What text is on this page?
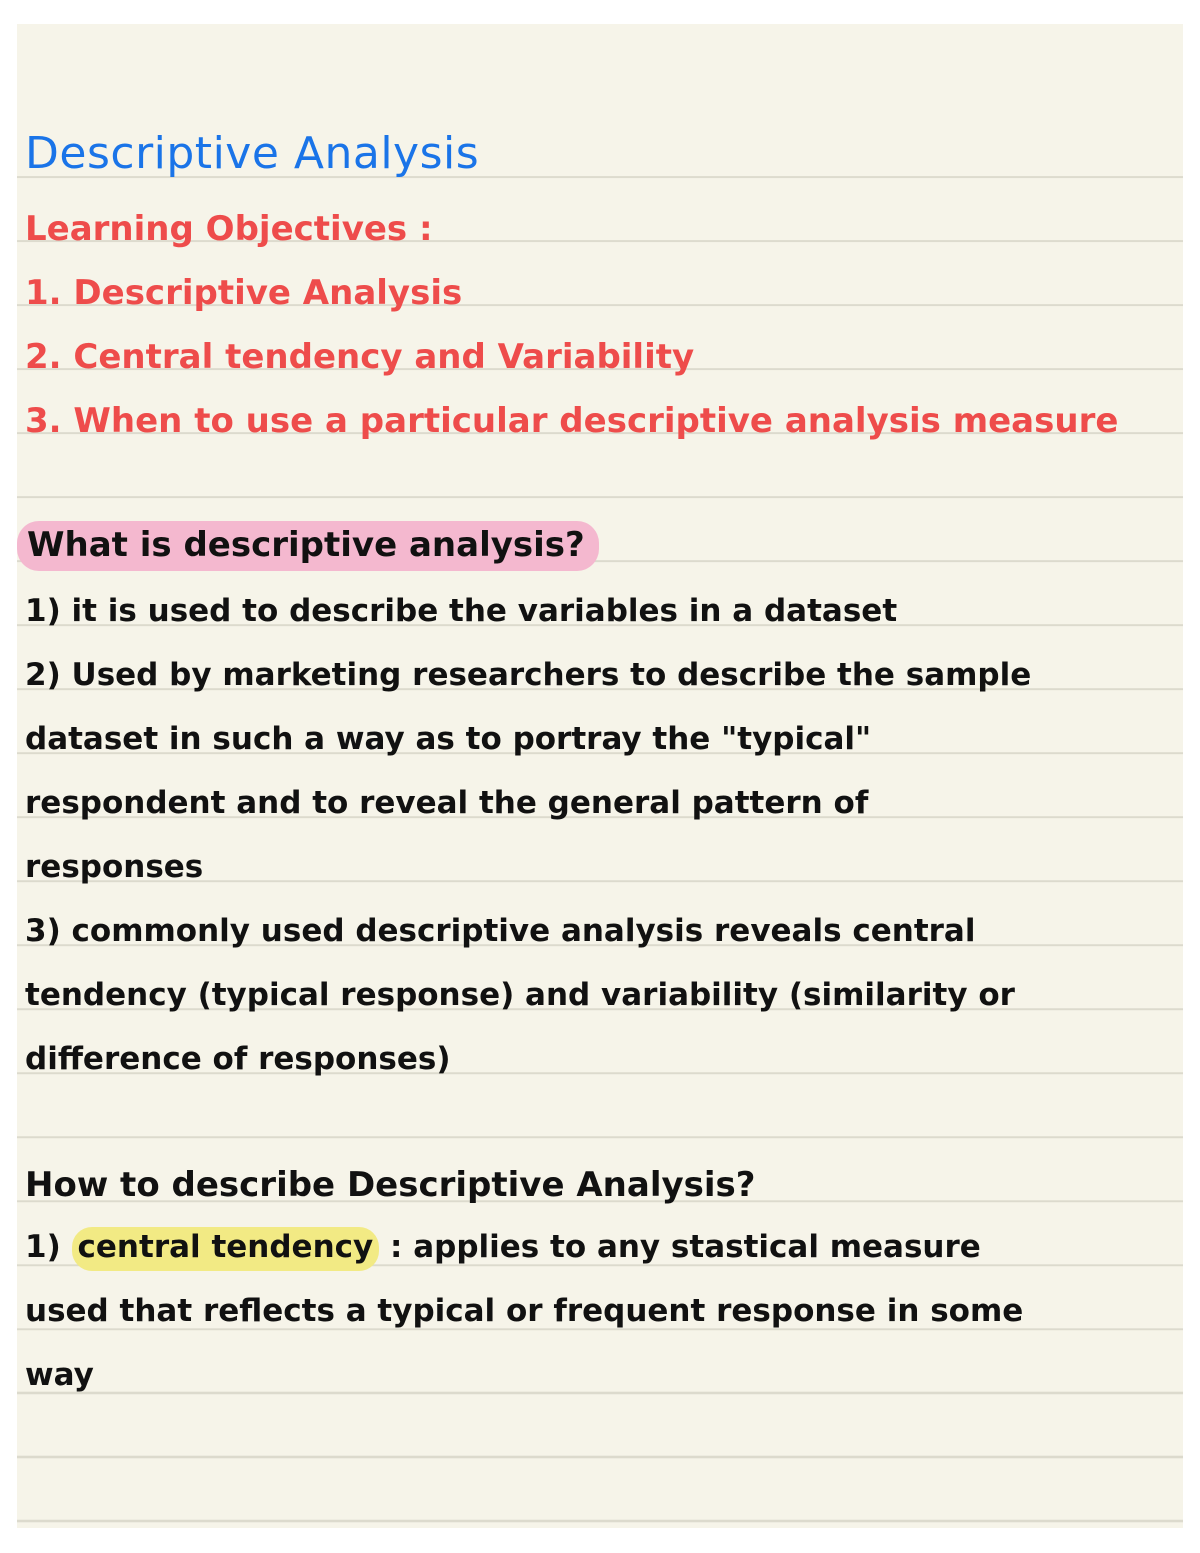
Descriptive Analysis
Learning Objectives :
1. Descriptive Analysis
2. Central tendency and Variability
3. When to use a particular descriptive analysis measure
What is descriptive analysis?
1) it is used to describe the variables in a dataset
2) Used by marketing researchers to describe the sample
dataset in such a way as to portray the "typical"
respondent and to reveal the general pattern of
responses
3) commonly used descriptive analysis reveals central
tendency (typical response) and variability (similarity or
difference of responses)
How to describe Descriptive Analysis?
1) central tendency : applies to any stastical measure
used that reflects a typical or frequent response in some
way
